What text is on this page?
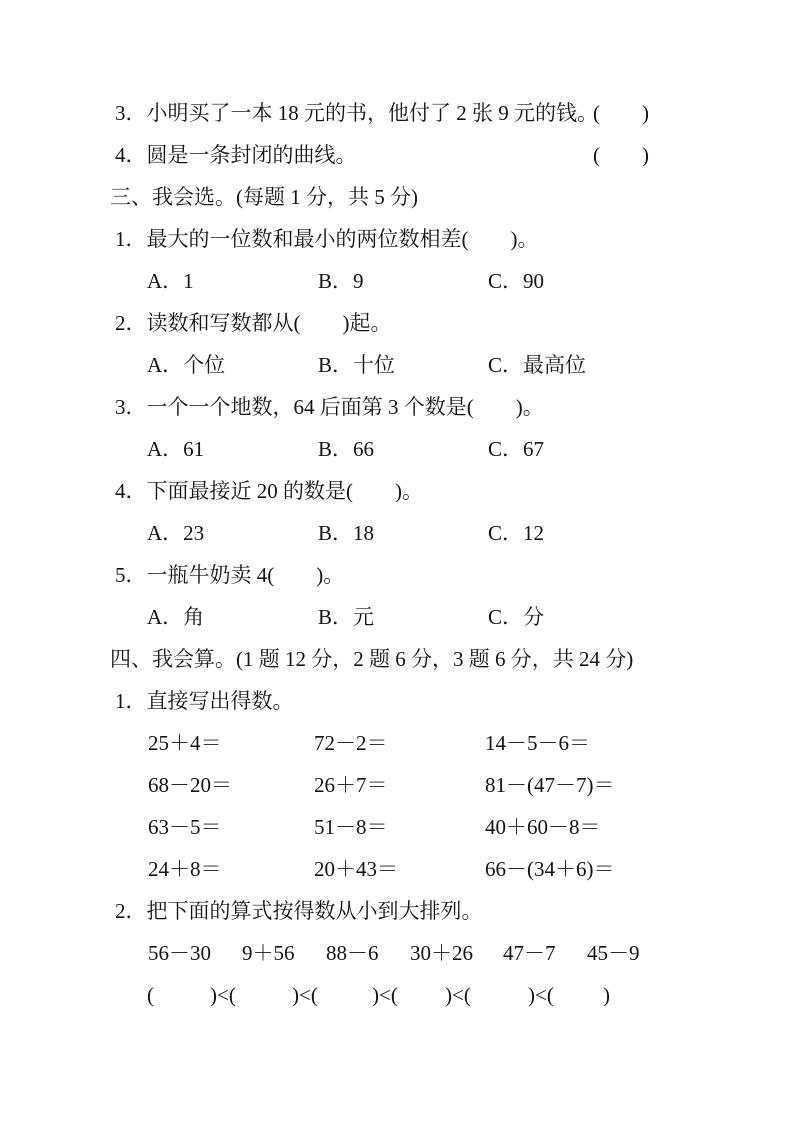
3．小明买了一本 18 元的书，他付了 2 张 9 元的钱。
(　　)
4．圆是一条封闭的曲线。	(　　)
三、我会选。(每题 1 分，共 5 分)
1．最大的一位数和最小的两位数相差(　　)。
A．1	B．9	C．90
2．读数和写数都从(　　)起。
A．个位	B．十位	C．最高位
3．一个一个地数，64 后面第 3 个数是(　　)。
A．61	B．66	C．67
4．下面最接近 20 的数是(　　)。
A．23	B．18	C．12
5．一瓶牛奶卖 4(　　)。
A．角	B．元	C．分
四、我会算。(1 题 12 分，2 题 6 分，3 题 6 分，共 24 分)
1．直接写出得数。
25＋4＝	72－2＝	14－5－6＝
68－20＝	26＋7＝	81－(47－7)＝
63－5＝	51－8＝	40＋60－8＝
24＋8＝	20＋43＝	66－(34＋6)＝
2．把下面的算式按得数从小到大排列。
56－30 9＋56 88－6 30＋26 47－7 45－9
(	)<(	)<(	)<( )<(	)<( )
